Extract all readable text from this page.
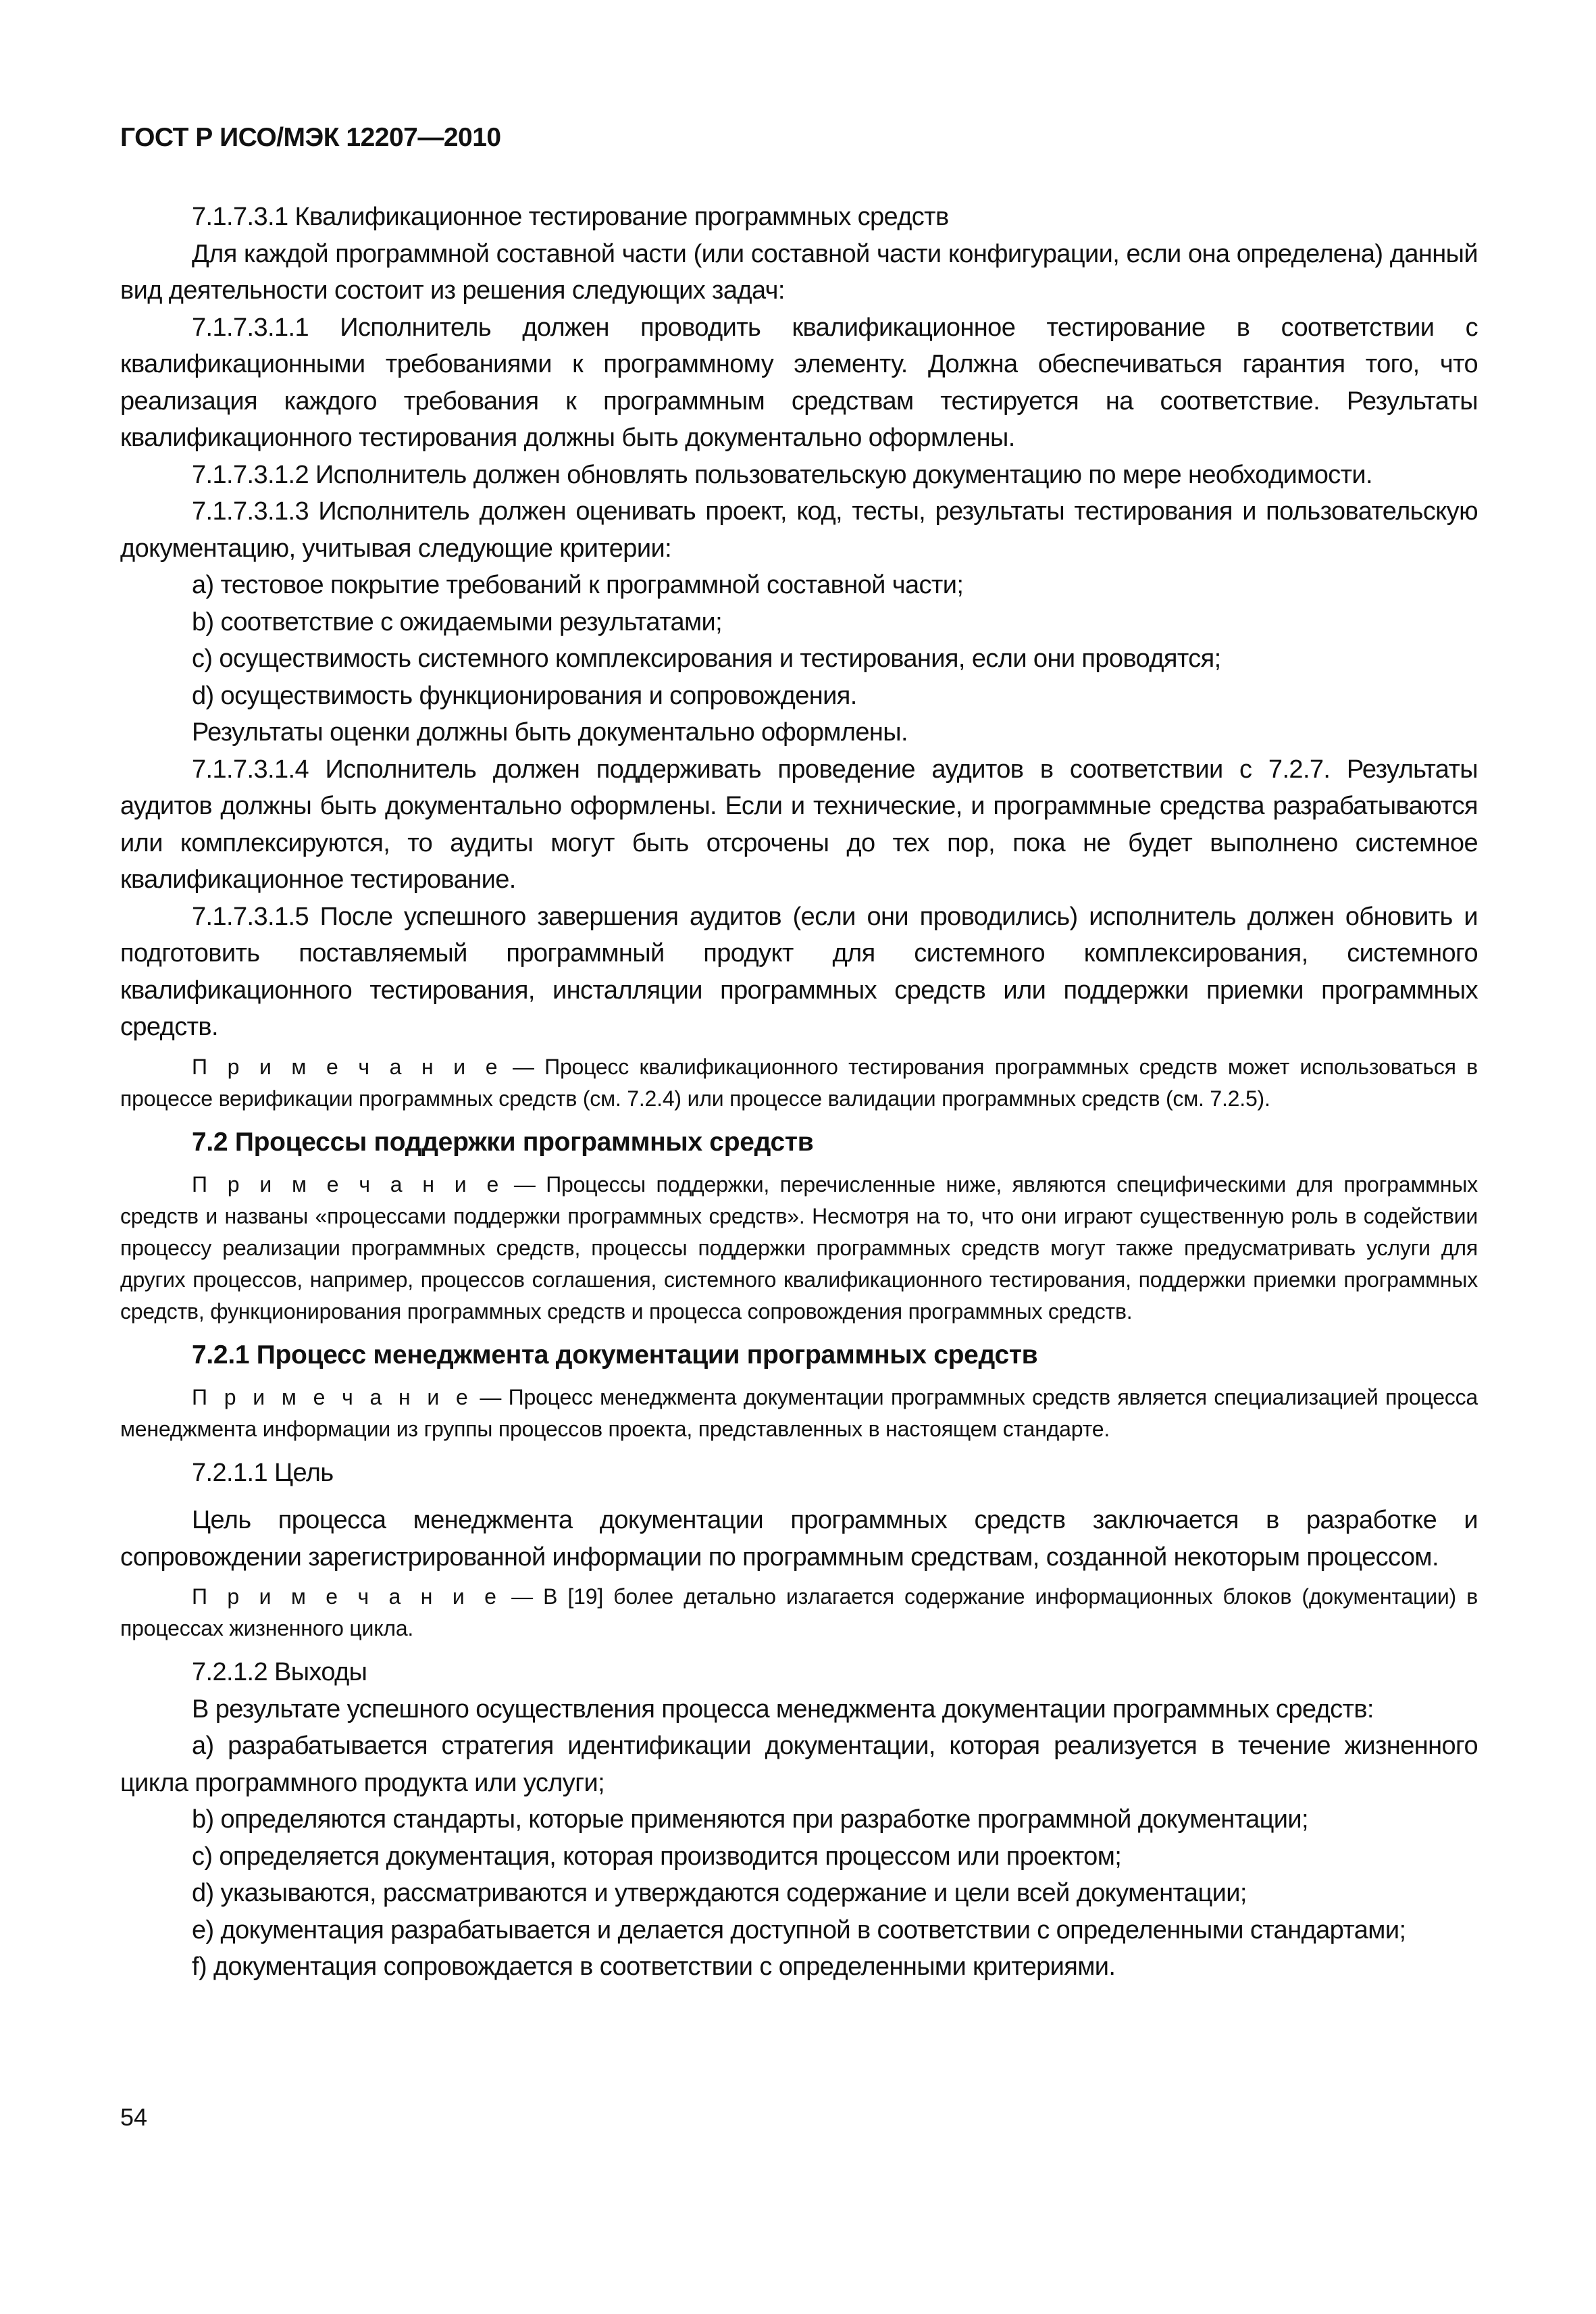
ГОСТ Р ИСО/МЭК 12207—2010

7.1.7.3.1 Квалификационное тестирование программных средств

Для каждой программной составной части (или составной части конфигурации, если она определена) данный вид деятельности состоит из решения следующих задач:

7.1.7.3.1.1 Исполнитель должен проводить квалификационное тестирование в соответствии с квалификационными требованиями к программному элементу. Должна обеспечиваться гарантия того, что реализация каждого требования к программным средствам тестируется на соответствие. Результаты квалификационного тестирования должны быть документально оформлены.

7.1.7.3.1.2 Исполнитель должен обновлять пользовательскую документацию по мере необходимости.

7.1.7.3.1.3 Исполнитель должен оценивать проект, код, тесты, результаты тестирования и пользовательскую документацию, учитывая следующие критерии:

а) тестовое покрытие требований к программной составной части;

b) соответствие с ожидаемыми результатами;

с) осуществимость системного комплексирования и тестирования, если они проводятся;

d) осуществимость функционирования и сопровождения.

Результаты оценки должны быть документально оформлены.

7.1.7.3.1.4 Исполнитель должен поддерживать проведение аудитов в соответствии с 7.2.7. Результаты аудитов должны быть документально оформлены. Если и технические, и программные средства разрабатываются или комплексируются, то аудиты могут быть отсрочены до тех пор, пока не будет выполнено системное квалификационное тестирование.

7.1.7.3.1.5 После успешного завершения аудитов (если они проводились) исполнитель должен обновить и подготовить поставляемый программный продукт для системного комплексирования, системного квалификационного тестирования, инсталляции программных средств или поддержки приемки программных средств.

П р и м е ч а н и е — Процесс квалификационного тестирования программных средств может использоваться в процессе верификации программных средств (см. 7.2.4) или процессе валидации программных средств (см. 7.2.5).

7.2 Процессы поддержки программных средств

П р и м е ч а н и е — Процессы поддержки, перечисленные ниже, являются специфическими для программных средств и названы «процессами поддержки программных средств». Несмотря на то, что они играют существенную роль в содействии процессу реализации программных средств, процессы поддержки программных средств могут также предусматривать услуги для других процессов, например, процессов соглашения, системного квалификационного тестирования, поддержки приемки программных средств, функционирования программных средств и процесса сопровождения программных средств.

7.2.1 Процесс менеджмента документации программных средств

П р и м е ч а н и е — Процесс менеджмента документации программных средств является специализацией процесса менеджмента информации из группы процессов проекта, представленных в настоящем стандарте.

7.2.1.1 Цель

Цель процесса менеджмента документации программных средств заключается в разработке и сопровождении зарегистрированной информации по программным средствам, созданной некоторым процессом.

П р и м е ч а н и е — В [19] более детально излагается содержание информационных блоков (документации) в процессах жизненного цикла.

7.2.1.2 Выходы

В результате успешного осуществления процесса менеджмента документации программных средств:

а) разрабатывается стратегия идентификации документации, которая реализуется в течение жизненного цикла программного продукта или услуги;

b) определяются стандарты, которые применяются при разработке программной документации;

с) определяется документация, которая производится процессом или проектом;

d) указываются, рассматриваются и утверждаются содержание и цели всей документации;

е) документация разрабатывается и делается доступной в соответствии с определенными стандартами;

f) документация сопровождается в соответствии с определенными критериями.

54
